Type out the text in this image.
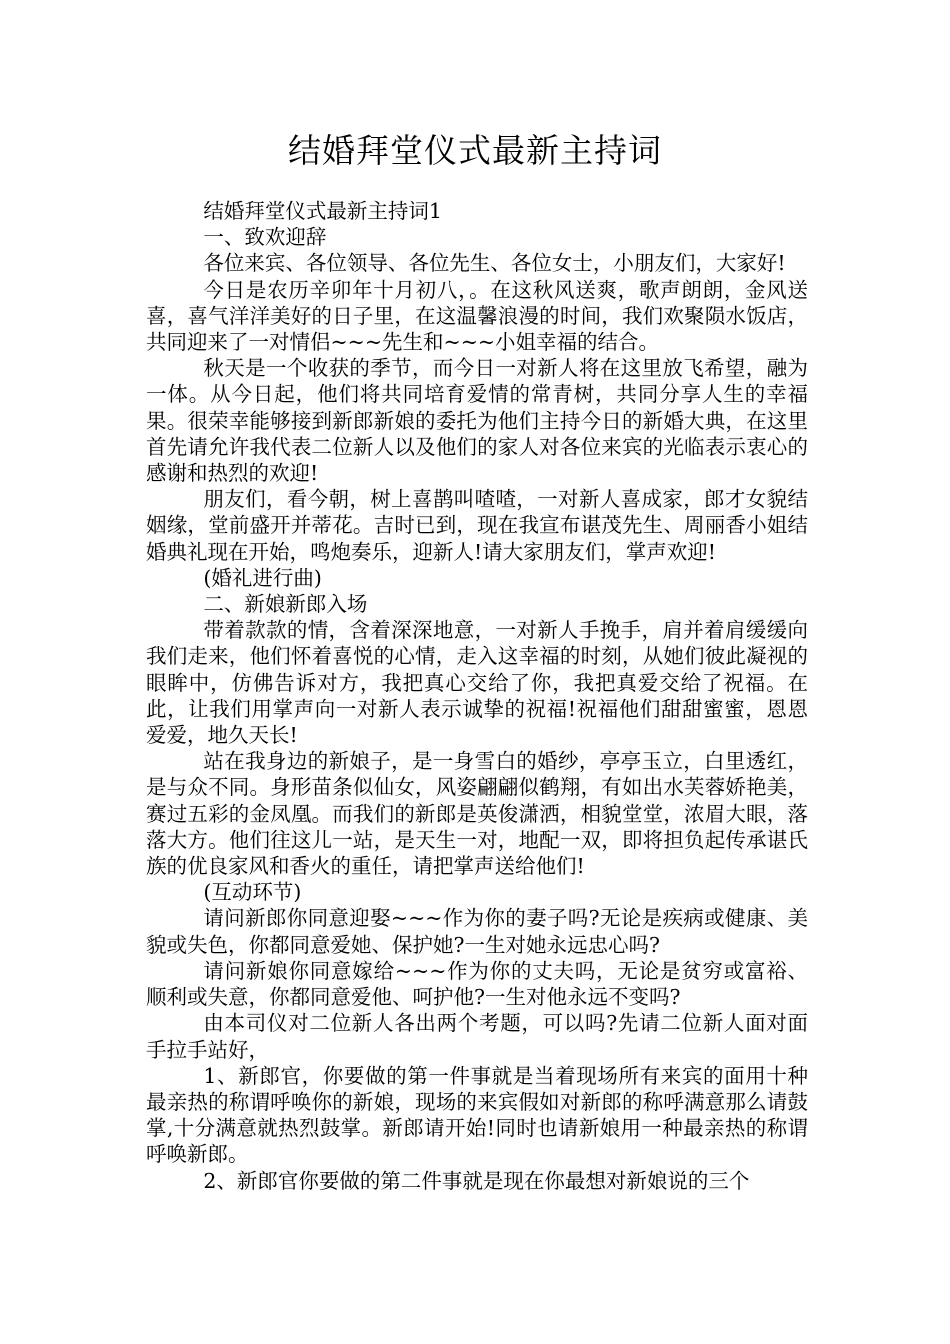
结婚拜堂仪式最新主持词

结婚拜堂仪式最新主持词1

一、致欢迎辞

各位来宾、各位领导、各位先生、各位女士，小朋友们，大家好!

今日是农历辛卯年十月初八，。在这秋风送爽，歌声朗朗，金风送喜，喜气洋洋美好的日子里，在这温馨浪漫的时间，我们欢聚陨水饭店，共同迎来了一对情侣~~~先生和~~~小姐幸福的结合。

秋天是一个收获的季节，而今日一对新人将在这里放飞希望，融为一体。从今日起，他们将共同培育爱情的常青树，共同分享人生的幸福果。很荣幸能够接到新郎新娘的委托为他们主持今日的新婚大典，在这里首先请允许我代表二位新人以及他们的家人对各位来宾的光临表示衷心的感谢和热烈的欢迎!

朋友们，看今朝，树上喜鹊叫喳喳，一对新人喜成家，郎才女貌结姻缘，堂前盛开并蒂花。吉时已到，现在我宣布谌茂先生、周丽香小姐结婚典礼现在开始，鸣炮奏乐，迎新人!请大家朋友们，掌声欢迎!

(婚礼进行曲)

二、新娘新郎入场

带着款款的情，含着深深地意，一对新人手挽手，肩并着肩缓缓向我们走来，他们怀着喜悦的心情，走入这幸福的时刻，从她们彼此凝视的眼眸中，仿佛告诉对方，我把真心交给了你，我把真爱交给了祝福。在此，让我们用掌声向一对新人表示诚挚的祝福!祝福他们甜甜蜜蜜，恩恩爱爱，地久天长!

站在我身边的新娘子，是一身雪白的婚纱，亭亭玉立，白里透红，是与众不同。身形苗条似仙女，风姿翩翩似鹤翔，有如出水芙蓉娇艳美，赛过五彩的金凤凰。而我们的新郎是英俊潇洒，相貌堂堂，浓眉大眼，落落大方。他们往这儿一站，是天生一对，地配一双，即将担负起传承谌氏族的优良家风和香火的重任，请把掌声送给他们!

(互动环节)

请问新郎你同意迎娶~~~作为你的妻子吗?无论是疾病或健康、美貌或失色，你都同意爱她、保护她?一生对她永远忠心吗?

请问新娘你同意嫁给~~~作为你的丈夫吗，无论是贫穷或富裕、顺利或失意，你都同意爱他、呵护他?一生对他永远不变吗?

由本司仪对二位新人各出两个考题，可以吗?先请二位新人面对面手拉手站好，

1、新郎官，你要做的第一件事就是当着现场所有来宾的面用十种最亲热的称谓呼唤你的新娘，现场的来宾假如对新郎的称呼满意那么请鼓掌,十分满意就热烈鼓掌。新郎请开始!同时也请新娘用一种最亲热的称谓呼唤新郎。

2、新郎官你要做的第二件事就是现在你最想对新娘说的三个
